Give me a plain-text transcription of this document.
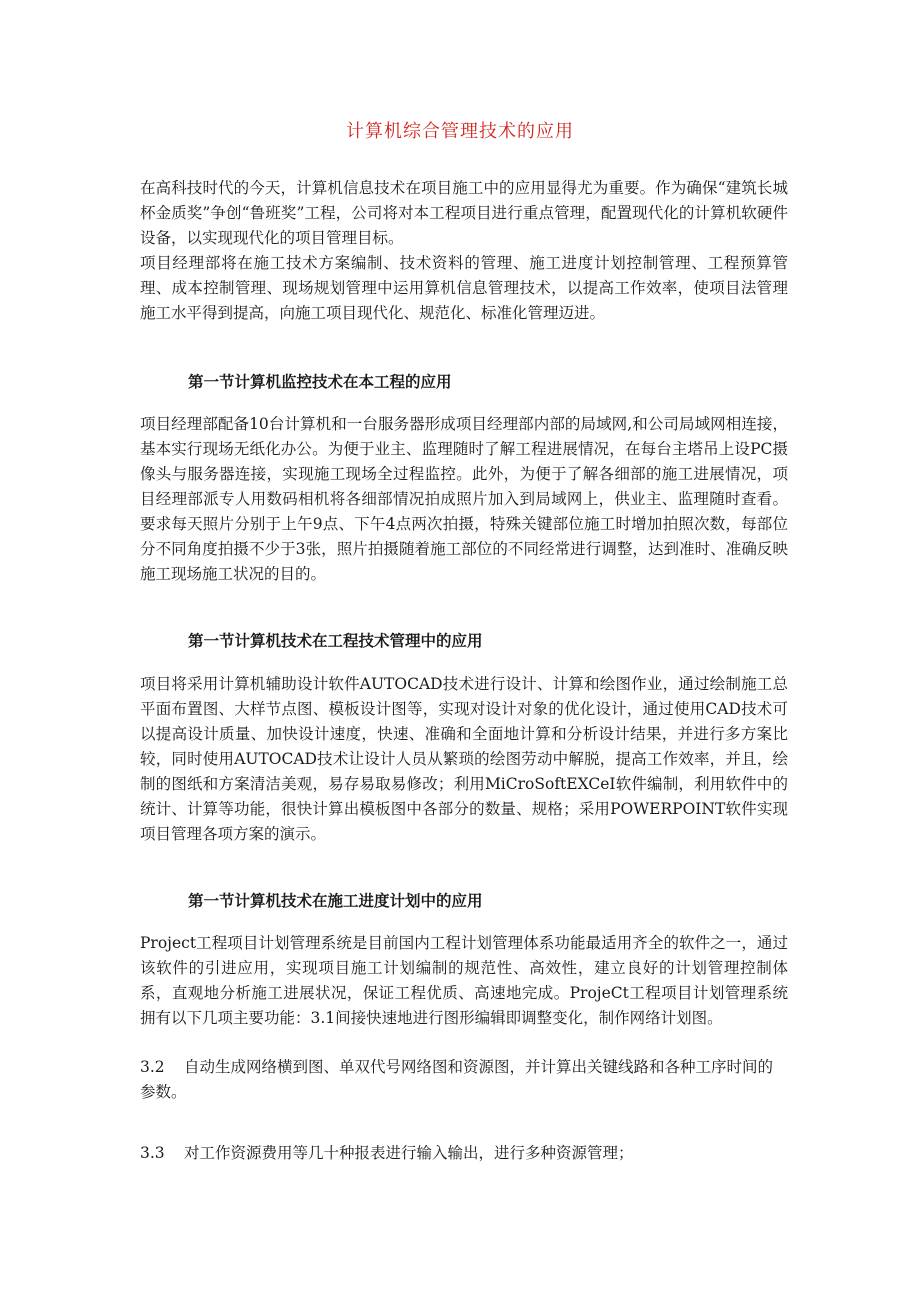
计算机综合管理技术的应用

在高科技时代的今天，计算机信息技术在项目施工中的应用显得尤为重要。作为确保“建筑长城杯金质奖”争创“鲁班奖”工程，公司将对本工程项目进行重点管理，配置现代化的计算机软硬件设备，以实现现代化的项目管理目标。

项目经理部将在施工技术方案编制、技术资料的管理、施工进度计划控制管理、工程预算管理、成本控制管理、现场规划管理中运用算机信息管理技术，以提高工作效率，使项目法管理施工水平得到提高，向施工项目现代化、规范化、标准化管理迈进。

第一节计算机监控技术在本工程的应用

项目经理部配备10台计算机和一台服务器形成项目经理部内部的局域网,和公司局域网相连接，基本实行现场无纸化办公。为便于业主、监理随时了解工程进展情况，在每台主塔吊上设PC摄像头与服务器连接，实现施工现场全过程监控。此外，为便于了解各细部的施工进展情况，项目经理部派专人用数码相机将各细部情况拍成照片加入到局域网上，供业主、监理随时查看。要求每天照片分别于上午9点、下午4点两次拍摄，特殊关键部位施工时增加拍照次数，每部位分不同角度拍摄不少于3张，照片拍摄随着施工部位的不同经常进行调整，达到准时、准确反映施工现场施工状况的目的。

第一节计算机技术在工程技术管理中的应用

项目将采用计算机辅助设计软件AUTOCAD技术进行设计、计算和绘图作业，通过绘制施工总平面布置图、大样节点图、模板设计图等，实现对设计对象的优化设计，通过使用CAD技术可以提高设计质量、加快设计速度，快速、准确和全面地计算和分析设计结果，并进行多方案比较，同时使用AUTOCAD技术让设计人员从繁琐的绘图劳动中解脱，提高工作效率，并且，绘制的图纸和方案清洁美观，易存易取易修改；利用MiCroSoftEXCeI软件编制，利用软件中的统计、计算等功能，很快计算出模板图中各部分的数量、规格；采用POWERPOINT软件实现项目管理各项方案的演示。

第一节计算机技术在施工进度计划中的应用

Project工程项目计划管理系统是目前国内工程计划管理体系功能最适用齐全的软件之一，通过该软件的引进应用，实现项目施工计划编制的规范性、高效性，建立良好的计划管理控制体系，直观地分析施工进展状况，保证工程优质、高速地完成。ProjeCt工程项目计划管理系统拥有以下几项主要功能：3.1间接快速地进行图形编辑即调整变化，制作网络计划图。

3.2 自动生成网络横到图、单双代号网络图和资源图，并计算出关键线路和各种工序时间的参数。

3.3 对工作资源费用等几十种报表进行输入输出，进行多种资源管理；
